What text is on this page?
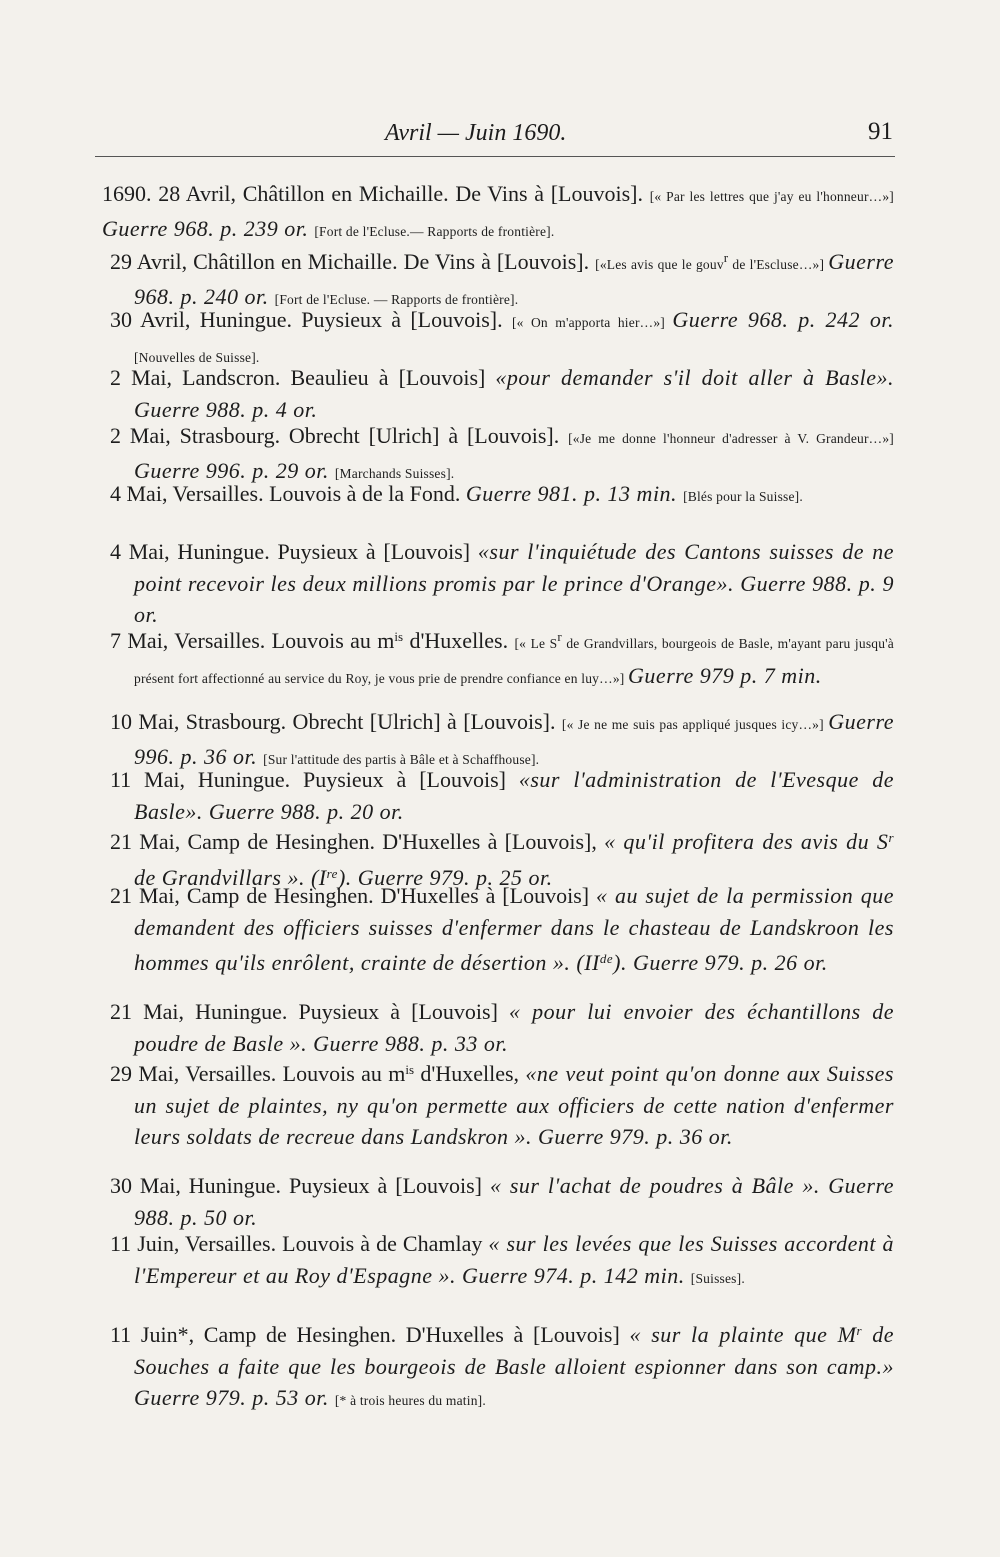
Avril — Juin 1690.	91

1690. 28 Avril, Châtillon en Michaille. De Vins à [Louvois]. [« Par les lettres que j'ay eu l'honneur…»] Guerre 968. p. 239 or. [Fort de l'Ecluse.— Rapports de frontière].

29 Avril, Châtillon en Michaille. De Vins à [Louvois]. [«Les avis que le gouv$^r$ de l'Escluse…»] Guerre 968. p. 240 or. [Fort de l'Ecluse. — Rapports de frontière].

30 Avril, Huningue. Puysieux à [Louvois]. [« On m'apporta hier…»] Guerre 968. p. 242 or. [Nouvelles de Suisse].

2 Mai, Landscron. Beaulieu à [Louvois] «pour demander s'il doit aller à Basle». Guerre 988. p. 4 or.

2 Mai, Strasbourg. Obrecht [Ulrich] à [Louvois]. [«Je me donne l'honneur d'adresser à V. Grandeur…»] Guerre 996. p. 29 or. [Marchands Suisses].

4 Mai, Versailles. Louvois à de la Fond. Guerre 981. p. 13 min. [Blés pour la Suisse].

4 Mai, Huningue. Puysieux à [Louvois] «sur l'inquiétude des Cantons suisses de ne point recevoir les deux millions promis par le prince d'Orange». Guerre 988. p. 9 or.

7 Mai, Versailles. Louvois au $m^{is}$ d'Huxelles. [« Le $S^r$ de Grandvillars, bourgeois de Basle, m'ayant paru jusqu'à présent fort affectionné au service du Roy, je vous prie de prendre confiance en luy…»] Guerre 979 p. 7 min.

10 Mai, Strasbourg. Obrecht [Ulrich] à [Louvois]. [« Je ne me suis pas appliqué jusques icy…»] Guerre 996. p. 36 or. [Sur l'attitude des partis à Bâle et à Schaffhouse].

11 Mai, Huningue. Puysieux à [Louvois] «sur l'administration de l'Evesque de Basle». Guerre 988. p. 20 or.

21 Mai, Camp de Hesinghen. D'Huxelles à [Louvois], « qu'il profitera des avis du $S^r$ de Grandvillars ». (Ire). Guerre 979. p. 25 or.

21 Mai, Camp de Hesinghen. D'Huxelles à [Louvois] « au sujet de la permission que demandent des officiers suisses d'enfermer dans le chasteau de Landskroon les hommes qu'ils enrôlent, crainte de désertion ». (IIde). Guerre 979. p. 26 or.

21 Mai, Huningue. Puysieux à [Louvois] « pour lui envoier des échantillons de poudre de Basle ». Guerre 988. p. 33 or.

29 Mai, Versailles. Louvois au $m^{is}$ d'Huxelles, «ne veut point qu'on donne aux Suisses un sujet de plaintes, ny qu'on permette aux officiers de cette nation d'enfermer leurs soldats de recreue dans Landskron ». Guerre 979. p. 36 or.

30 Mai, Huningue. Puysieux à [Louvois] « sur l'achat de poudres à Bâle ». Guerre 988. p. 50 or.

11 Juin, Versailles. Louvois à de Chamlay « sur les levées que les Suisses accordent à l'Empereur et au Roy d'Espagne ». Guerre 974. p. 142 min. [Suisses].

11 Juin*, Camp de Hesinghen. D'Huxelles à [Louvois] « sur la plainte que $M^r$ de Souches a faite que les bourgeois de Basle alloient espionner dans son camp.» Guerre 979. p. 53 or. [* à trois heures du matin].
